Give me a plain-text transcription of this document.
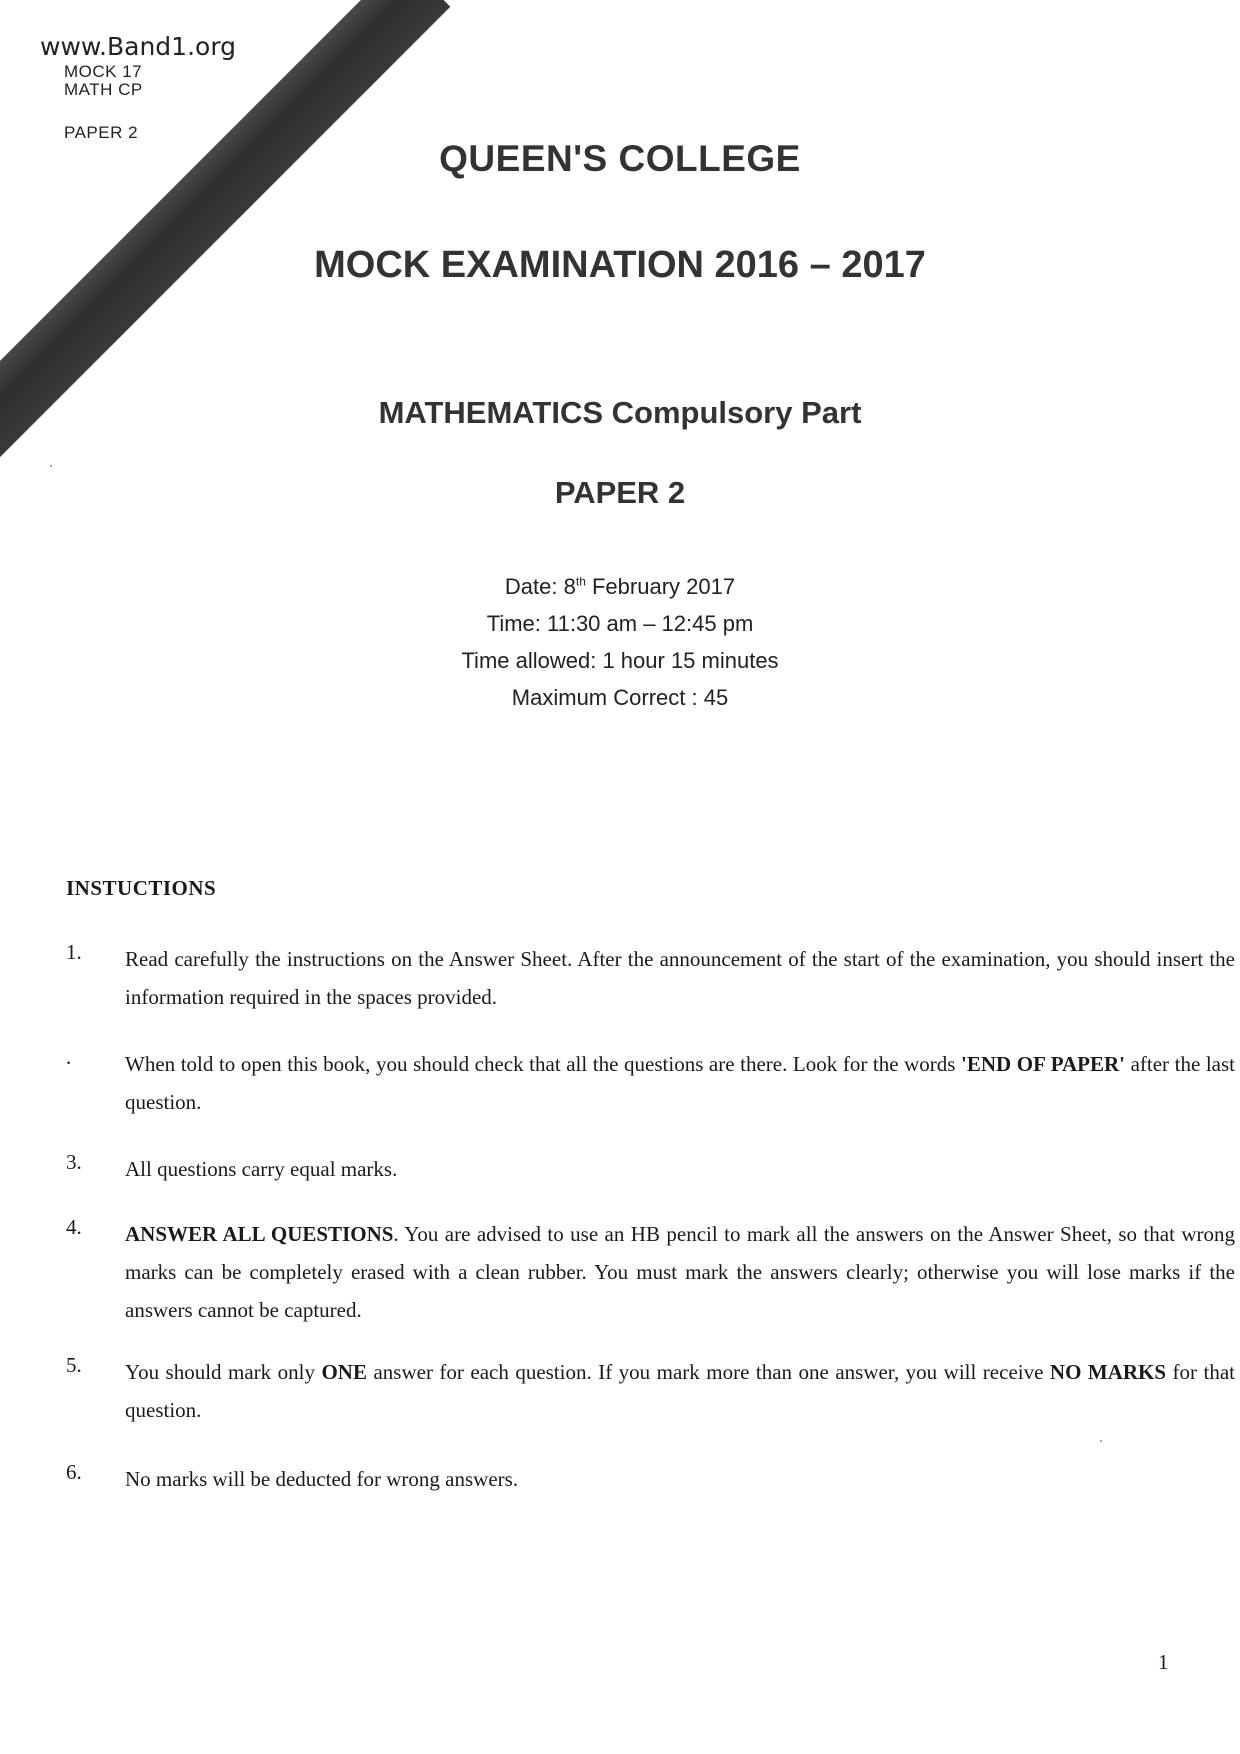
www.Band1.org
MOCK 17
MATH CP
PAPER 2
QUEEN'S COLLEGE
MOCK EXAMINATION 2016 – 2017
MATHEMATICS Compulsory Part
PAPER 2
Date: 8th February 2017
Time: 11:30 am – 12:45 pm
Time allowed: 1 hour 15 minutes
Maximum Correct : 45
INSTUCTIONS
1.	Read carefully the instructions on the Answer Sheet. After the announcement of the start of the examination, you should insert the information required in the spaces provided.
.	When told to open this book, you should check that all the questions are there. Look for the words 'END OF PAPER' after the last question.
3.	All questions carry equal marks.
4.	ANSWER ALL QUESTIONS. You are advised to use an HB pencil to mark all the answers on the Answer Sheet, so that wrong marks can be completely erased with a clean rubber. You must mark the answers clearly; otherwise you will lose marks if the answers cannot be captured.
5.	You should mark only ONE answer for each question. If you mark more than one answer, you will receive NO MARKS for that question.
6.	No marks will be deducted for wrong answers.
1
